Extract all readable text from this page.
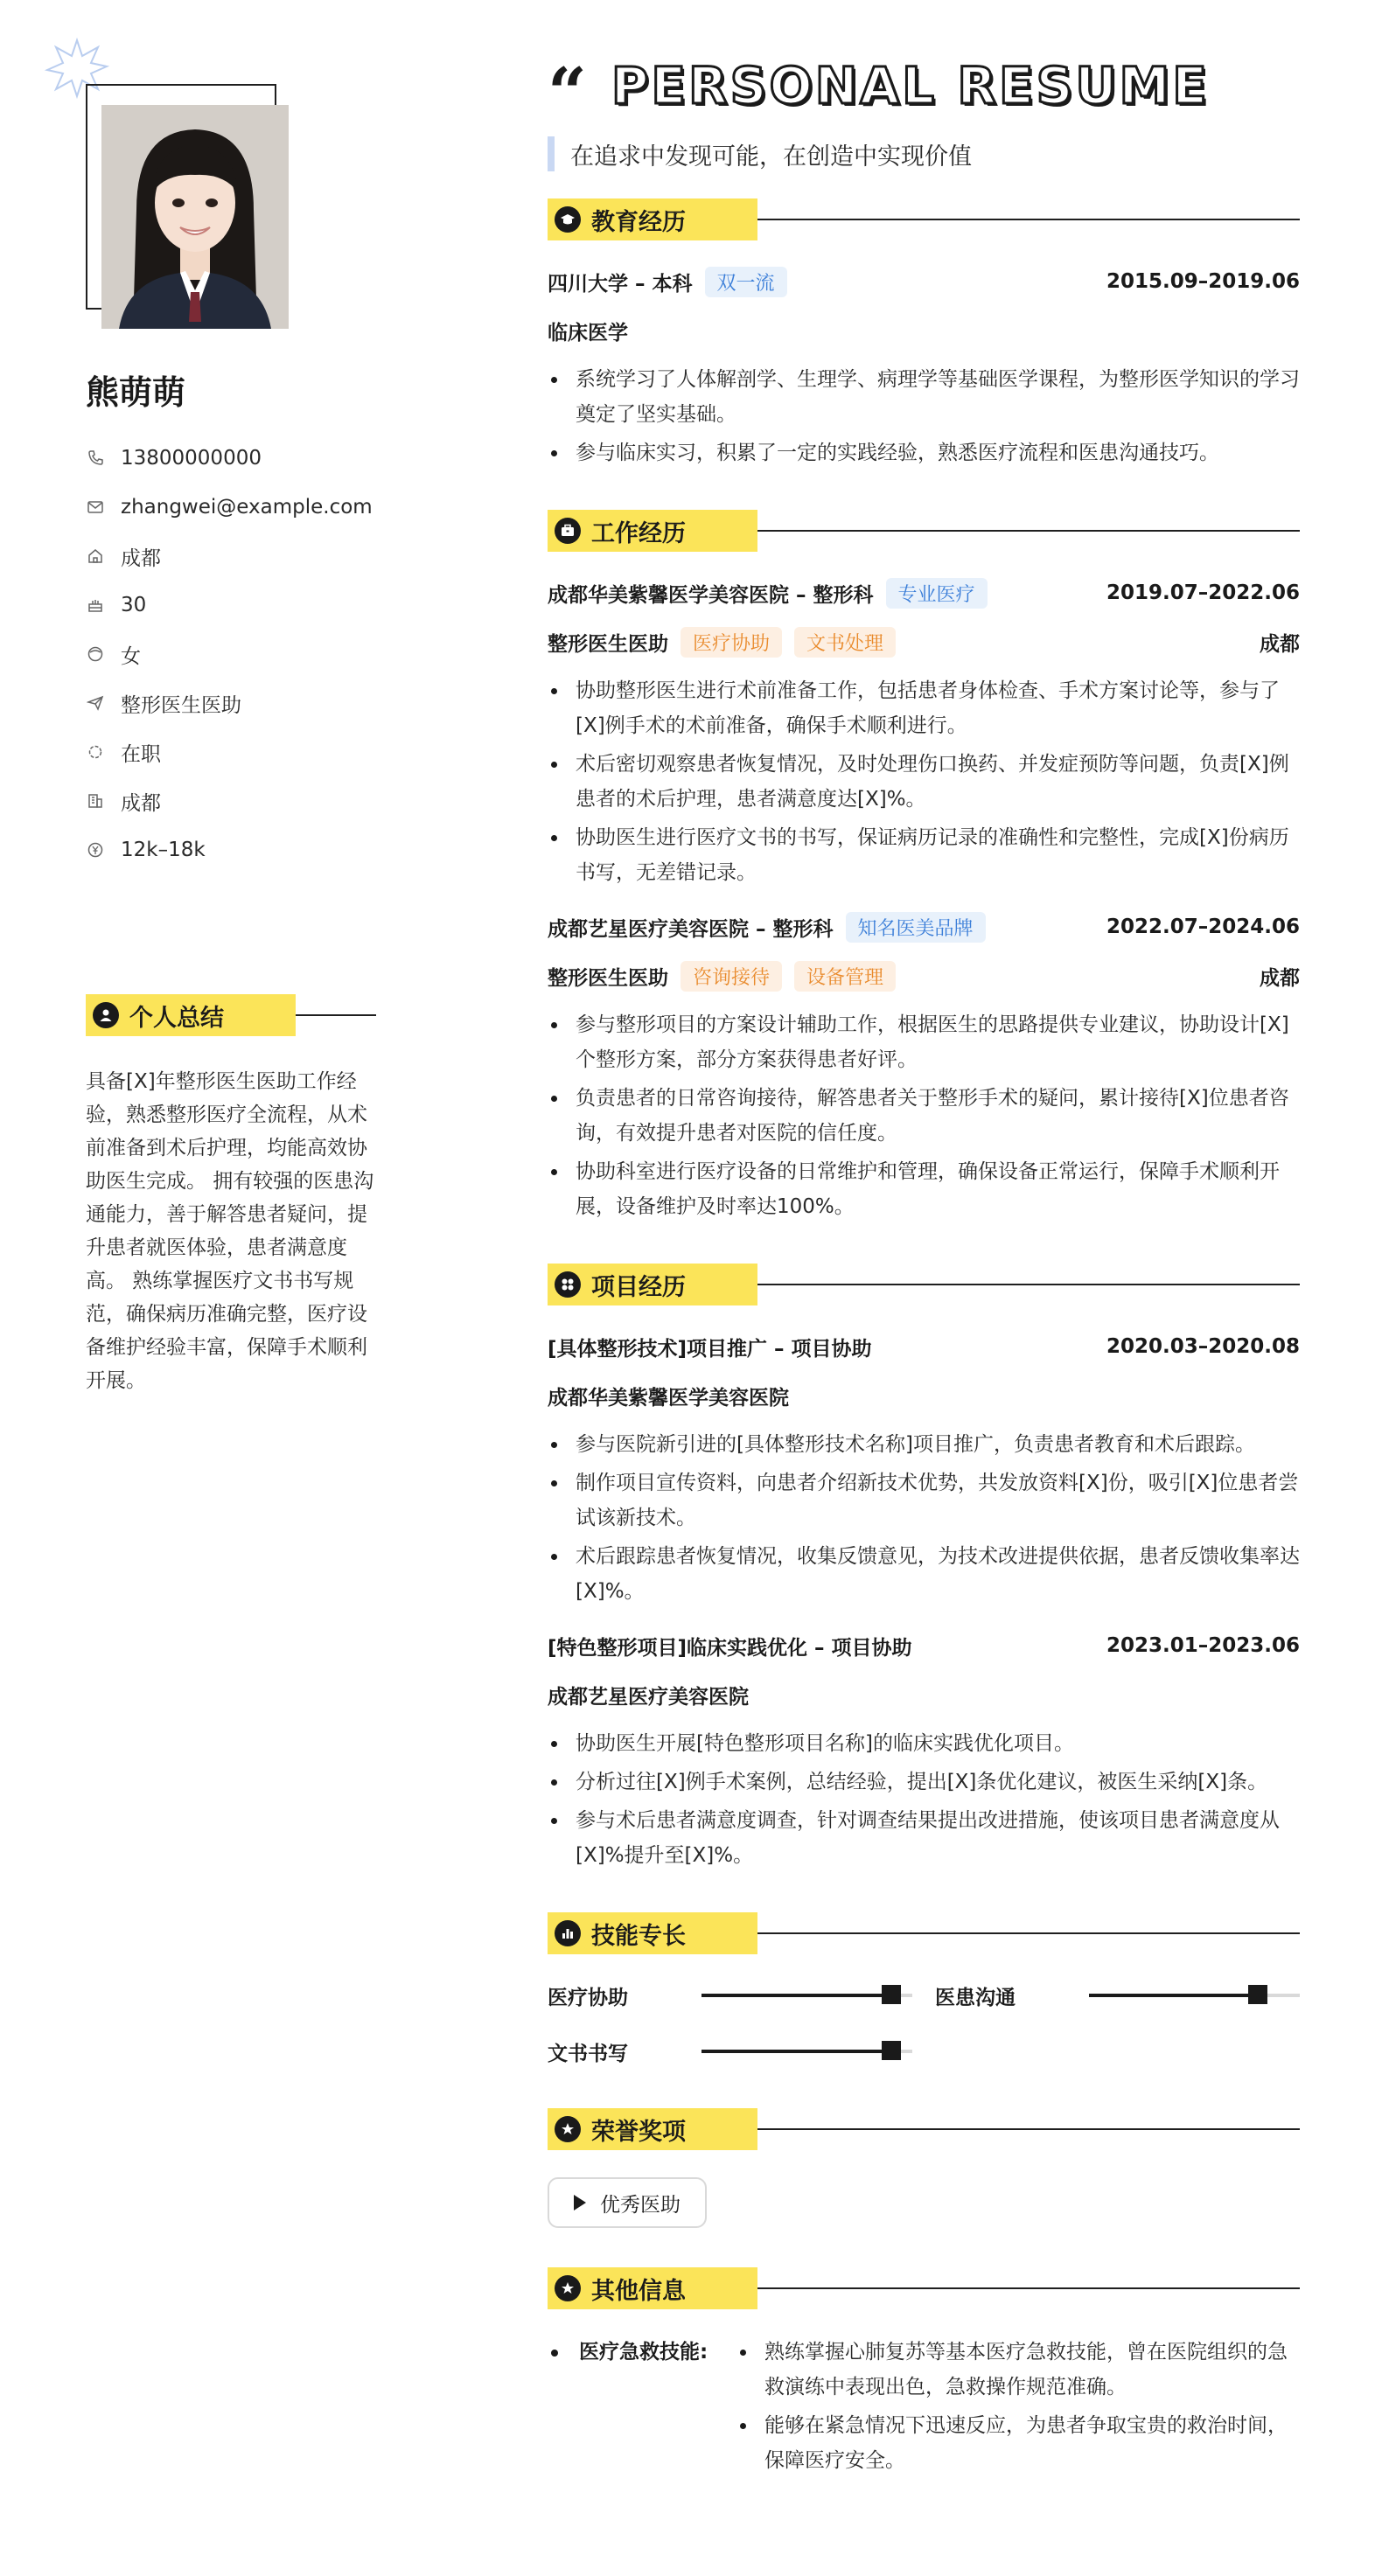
熊萌萌
13800000000
zhangwei@example.com
成都
30
女
整形医生医助
在职
成都
12k–18k
个人总结
具备[X]年整形医生医助工作经验，熟悉整形医疗全流程，从术前准备到术后护理，均能高效协助医生完成。 拥有较强的医患沟通能力，善于解答患者疑问，提升患者就医体验，患者满意度高。 熟练掌握医疗文书书写规范，确保病历准确完整，医疗设备维护经验丰富，保障手术顺利开展。
“ PERSONAL RESUME
在追求中发现可能，在创造中实现价值
教育经历
四川大学 – 本科	双一流	2015.09–2019.06
临床医学
系统学习了人体解剖学、生理学、病理学等基础医学课程，为整形医学知识的学习奠定了坚实基础。
参与临床实习，积累了一定的实践经验，熟悉医疗流程和医患沟通技巧。
工作经历
成都华美紫馨医学美容医院 – 整形科	专业医疗	2019.07–2022.06
整形医生医助	医疗协助	文书处理	成都
协助整形医生进行术前准备工作，包括患者身体检查、手术方案讨论等，参与了[X]例手术的术前准备，确保手术顺利进行。
术后密切观察患者恢复情况，及时处理伤口换药、并发症预防等问题，负责[X]例患者的术后护理，患者满意度达[X]%。
协助医生进行医疗文书的书写，保证病历记录的准确性和完整性，完成[X]份病历书写，无差错记录。
成都艺星医疗美容医院 – 整形科	知名医美品牌	2022.07–2024.06
整形医生医助	咨询接待	设备管理	成都
参与整形项目的方案设计辅助工作，根据医生的思路提供专业建议，协助设计[X]个整形方案，部分方案获得患者好评。
负责患者的日常咨询接待，解答患者关于整形手术的疑问，累计接待[X]位患者咨询，有效提升患者对医院的信任度。
协助科室进行医疗设备的日常维护和管理，确保设备正常运行，保障手术顺利开展，设备维护及时率达100%。
项目经历
[具体整形技术]项目推广 – 项目协助	2020.03–2020.08
成都华美紫馨医学美容医院
参与医院新引进的[具体整形技术名称]项目推广，负责患者教育和术后跟踪。
制作项目宣传资料，向患者介绍新技术优势，共发放资料[X]份，吸引[X]位患者尝试该新技术。
术后跟踪患者恢复情况，收集反馈意见，为技术改进提供依据，患者反馈收集率达[X]%。
[特色整形项目]临床实践优化 – 项目协助	2023.01–2023.06
成都艺星医疗美容医院
协助医生开展[特色整形项目名称]的临床实践优化项目。
分析过往[X]例手术案例，总结经验，提出[X]条优化建议，被医生采纳[X]条。
参与术后患者满意度调查，针对调查结果提出改进措施，使该项目患者满意度从[X]%提升至[X]%。
技能专长
医疗协助	医患沟通
文书书写
荣誉奖项
优秀医助
其他信息
医疗急救技能:	熟练掌握心肺复苏等基本医疗急救技能，曾在医院组织的急救演练中表现出色，急救操作规范准确。
能够在紧急情况下迅速反应，为患者争取宝贵的救治时间，保障医疗安全。
